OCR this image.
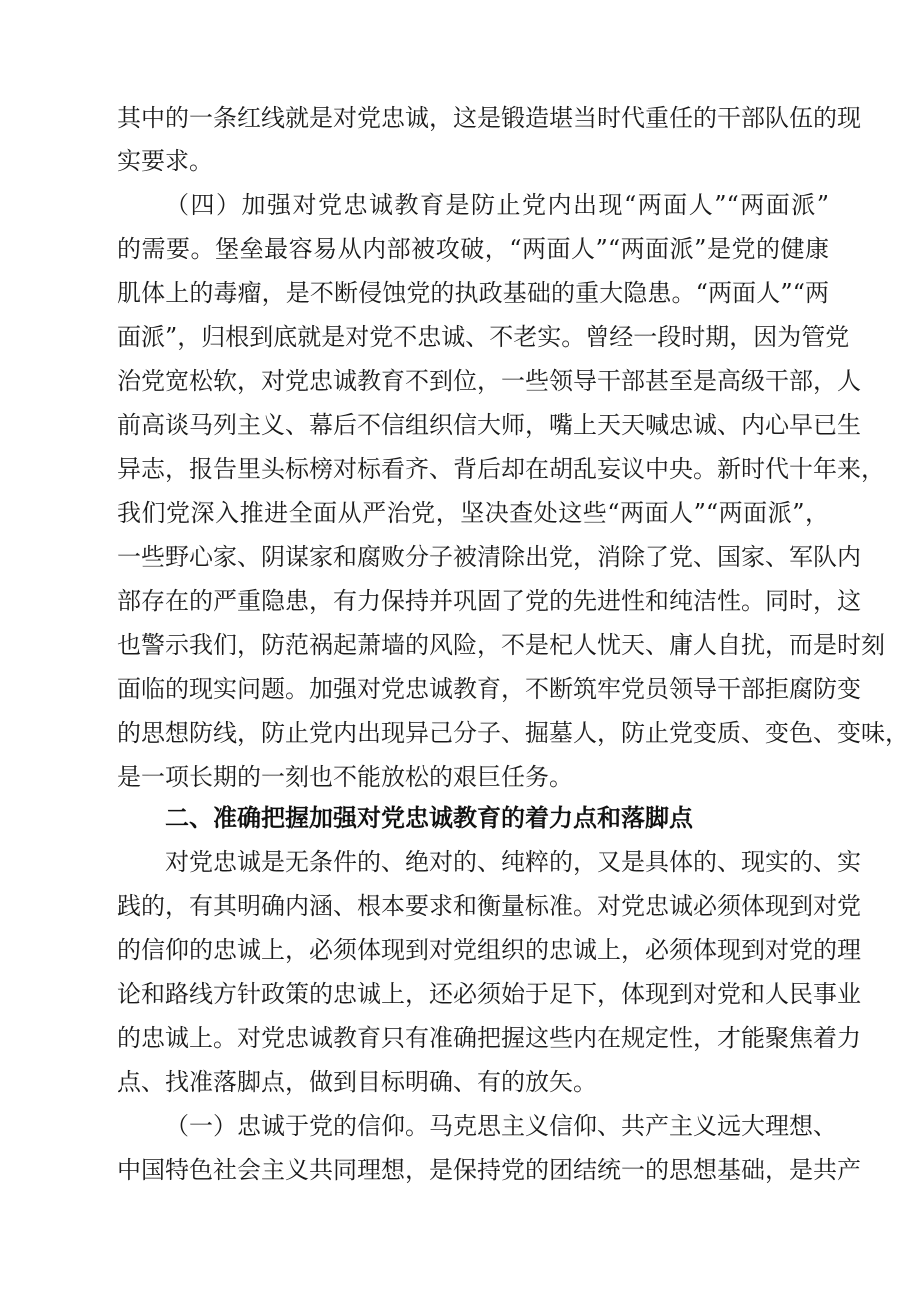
其中的一条红线就是对党忠诚，这是锻造堪当时代重任的干部队伍的现
实要求。
（四）加强对党忠诚教育是防止党内出现“两面人”“两面派”
的需要。堡垒最容易从内部被攻破，“两面人”“两面派”是党的健康
肌体上的毒瘤，是不断侵蚀党的执政基础的重大隐患。“两面人”“两
面派”，归根到底就是对党不忠诚、不老实。曾经一段时期，因为管党
治党宽松软，对党忠诚教育不到位，一些领导干部甚至是高级干部，人
前高谈马列主义、幕后不信组织信大师，嘴上天天喊忠诚、内心早已生
异志，报告里头标榜对标看齐、背后却在胡乱妄议中央。新时代十年来，
我们党深入推进全面从严治党，坚决查处这些“两面人”“两面派”，
一些野心家、阴谋家和腐败分子被清除出党，消除了党、国家、军队内
部存在的严重隐患，有力保持并巩固了党的先进性和纯洁性。同时，这
也警示我们，防范祸起萧墙的风险，不是杞人忧天、庸人自扰，而是时刻
面临的现实问题。加强对党忠诚教育，不断筑牢党员领导干部拒腐防变
的思想防线，防止党内出现异己分子、掘墓人，防止党变质、变色、变味，
是一项长期的一刻也不能放松的艰巨任务。
二、准确把握加强对党忠诚教育的着力点和落脚点
对党忠诚是无条件的、绝对的、纯粹的，又是具体的、现实的、实
践的，有其明确内涵、根本要求和衡量标准。对党忠诚必须体现到对党
的信仰的忠诚上，必须体现到对党组织的忠诚上，必须体现到对党的理
论和路线方针政策的忠诚上，还必须始于足下，体现到对党和人民事业
的忠诚上。对党忠诚教育只有准确把握这些内在规定性，才能聚焦着力
点、找准落脚点，做到目标明确、有的放矢。
（一）忠诚于党的信仰。马克思主义信仰、共产主义远大理想、
中国特色社会主义共同理想，是保持党的团结统一的思想基础，是共产
